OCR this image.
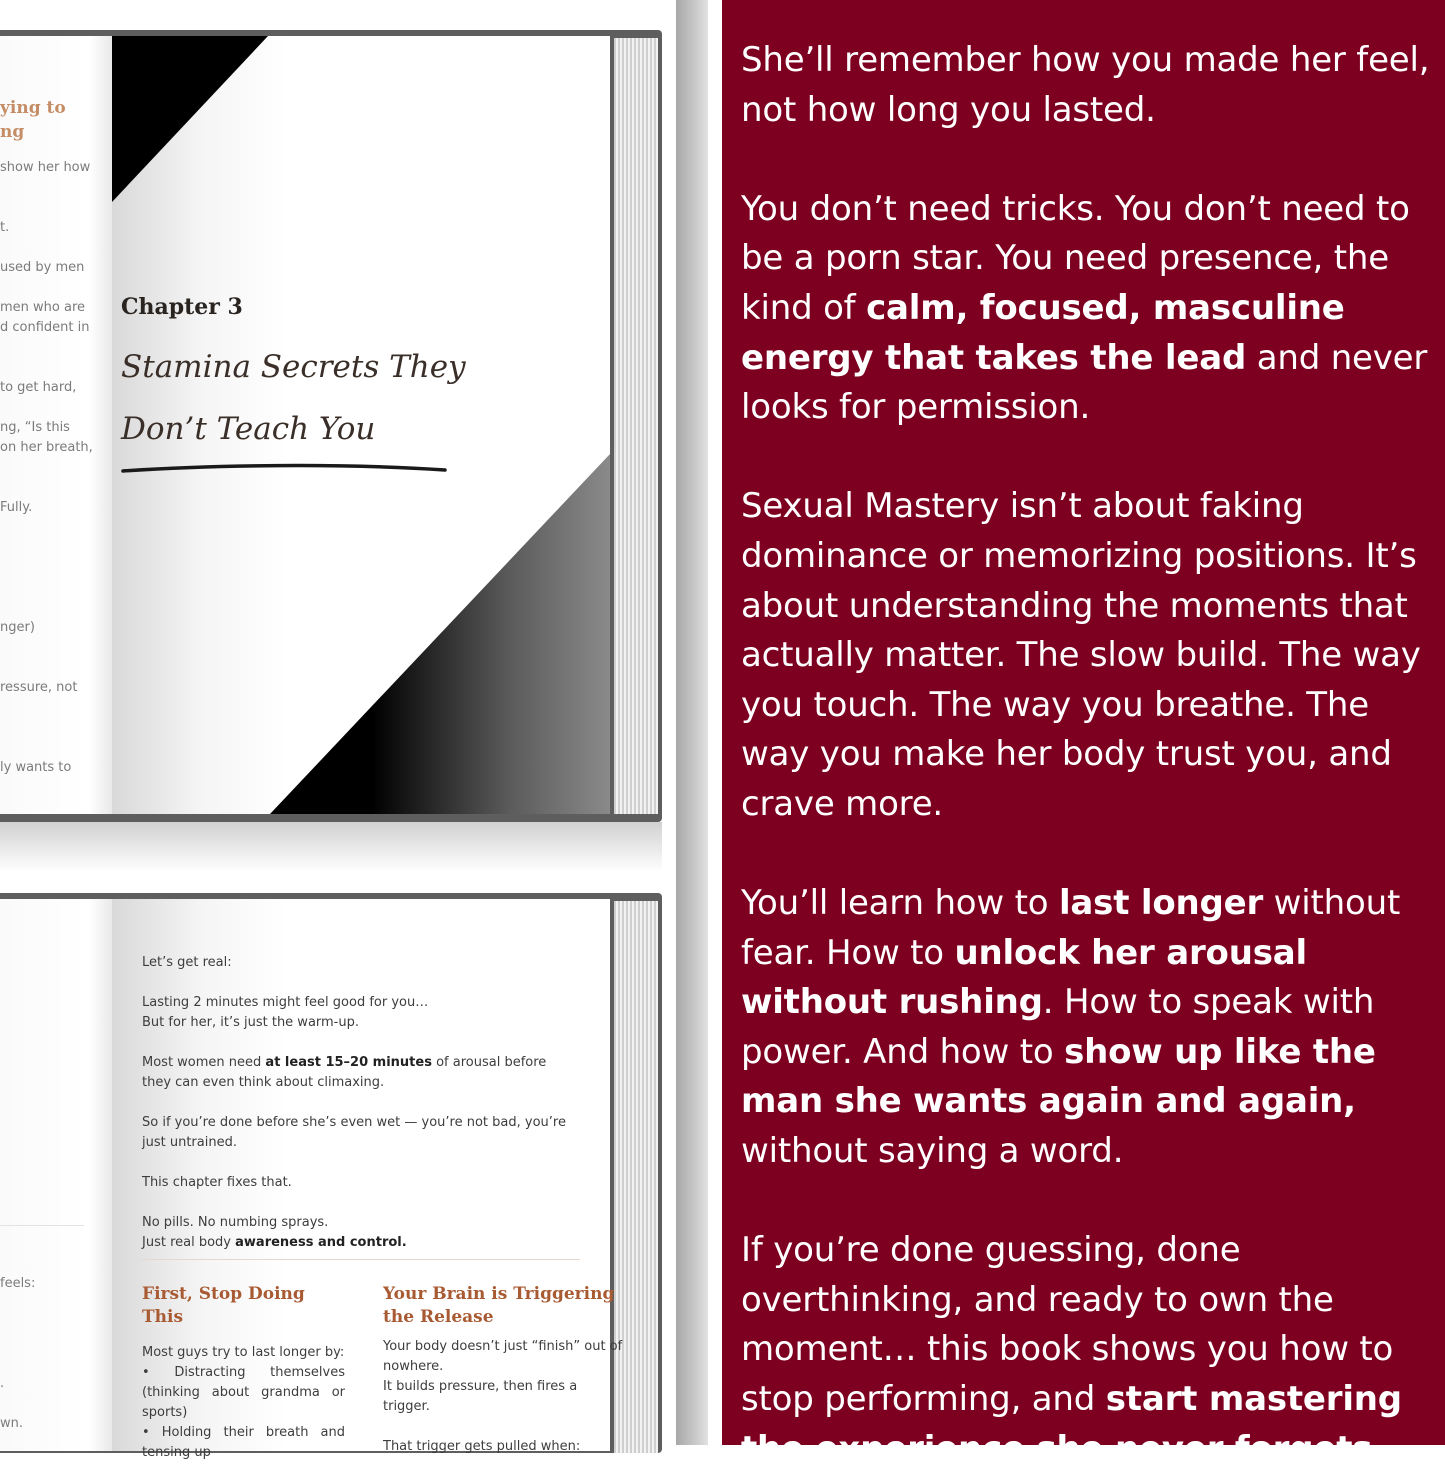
ying to
ng
show her how
t.
used by men
men who are
d confident in
to get hard,
ng, “Is this
on her breath,
Fully.
nger)
ressure, not
ly wants to
Chapter 3
Stamina Secrets They Don’t Teach You
feels:
.
wn.

Let’s get real:

Lasting 2 minutes might feel good for you…
But for her, it’s just the warm-up.

Most women need at least 15–20 minutes of arousal before they can even think about climaxing.

So if you’re done before she’s even wet — you’re not bad, you’re just untrained.

This chapter fixes that.

No pills. No numbing sprays.
Just real body awareness and control.

First, Stop Doing This
Most guys try to last longer by:
• Distracting themselves (thinking about grandma or sports)
• Holding their breath and tensing up
Your Brain is Triggering the Release
Your body doesn’t just “finish” out of nowhere.
It builds pressure, then fires a trigger.
That trigger gets pulled when:

She’ll remember how you made her feel, not how long you lasted.

You don’t need tricks. You don’t need to be a porn star. You need presence, the kind of calm, focused, masculine energy that takes the lead and never looks for permission.

Sexual Mastery isn’t about faking dominance or memorizing positions. It’s about understanding the moments that actually matter. The slow build. The way you touch. The way you breathe. The way you make her body trust you, and crave more.

You’ll learn how to last longer without fear. How to unlock her arousal without rushing. How to speak with power. And how to show up like the man she wants again and again, without saying a word.

If you’re done guessing, done overthinking, and ready to own the moment… this book shows you how to stop performing, and start mastering the experience she never forgets.
